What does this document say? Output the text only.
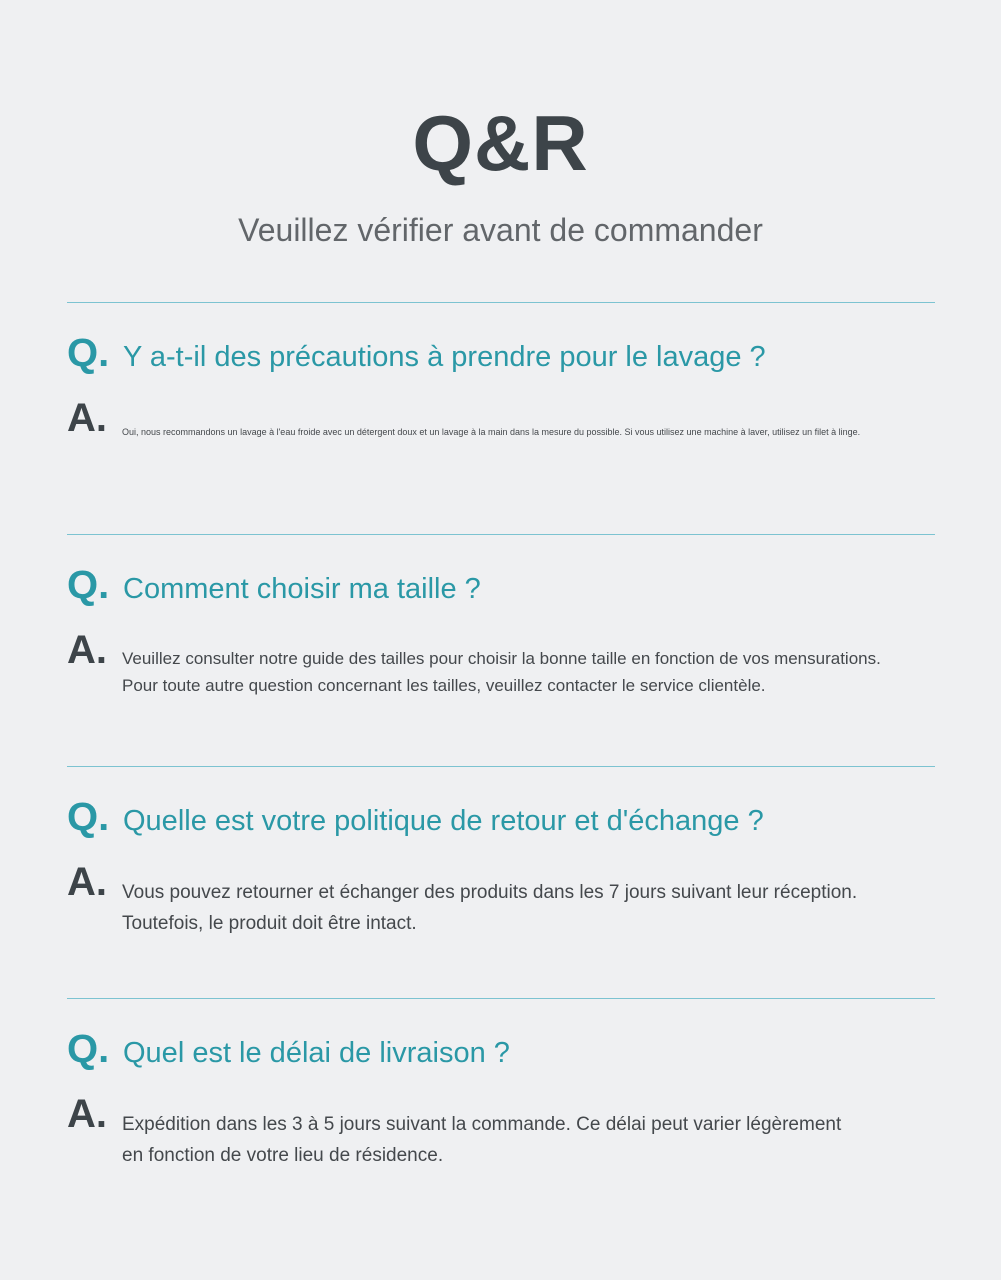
Q&R
Veuillez vérifier avant de commander
Q. Y a-t-il des précautions à prendre pour le lavage ?
A.	Oui, nous recommandons un lavage à l'eau froide avec un détergent doux et un lavage à la main dans la mesure du possible. Si vous utilisez une machine à laver, utilisez un filet à linge.
Q. Comment choisir ma taille ?
A. Veuillez consulter notre guide des tailles pour choisir la bonne taille en fonction de vos mensurations.
Pour toute autre question concernant les tailles, veuillez contacter le service clientèle.
Q. Quelle est votre politique de retour et d'échange ?
A. Vous pouvez retourner et échanger des produits dans les 7 jours suivant leur réception.
Toutefois, le produit doit être intact.
Q. Quel est le délai de livraison ?
A. Expédition dans les 3 à 5 jours suivant la commande. Ce délai peut varier légèrement
en fonction de votre lieu de résidence.
